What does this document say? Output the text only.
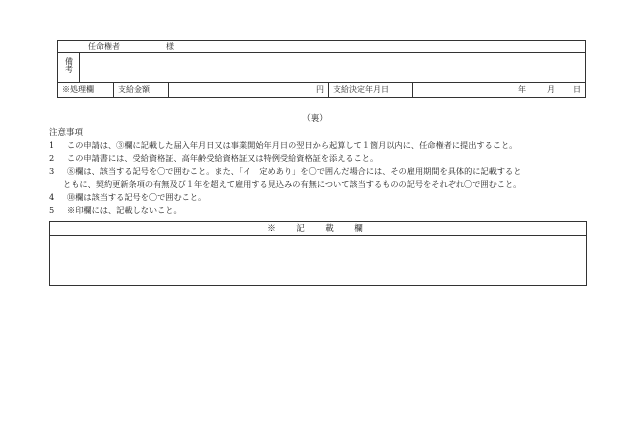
任命権者	様
備考
※処理欄	支給金額	円 支給決定年月日	年	月 日
（裏）
注意事項
1 この申請は、③欄に記載した届入年月日又は事業開始年月日の翌日から起算して１箇月以内に、任命権者に提出すること。
2 この申請書には、受給資格証、高年齢受給資格証又は特例受給資格証を添えること。
3 ⑧欄は、該当する記号を〇で囲むこと。また、「イ　定めあり」を〇で囲んだ場合には、その雇用期間を具体的に記載すると
ともに、契約更新条項の有無及び１年を超えて雇用する見込みの有無について該当するものの記号をそれぞれ〇で囲むこと。
4 ⑩欄は該当する記号を〇で囲むこと。
5 ※印欄には、記載しないこと。
※　記　載　欄
